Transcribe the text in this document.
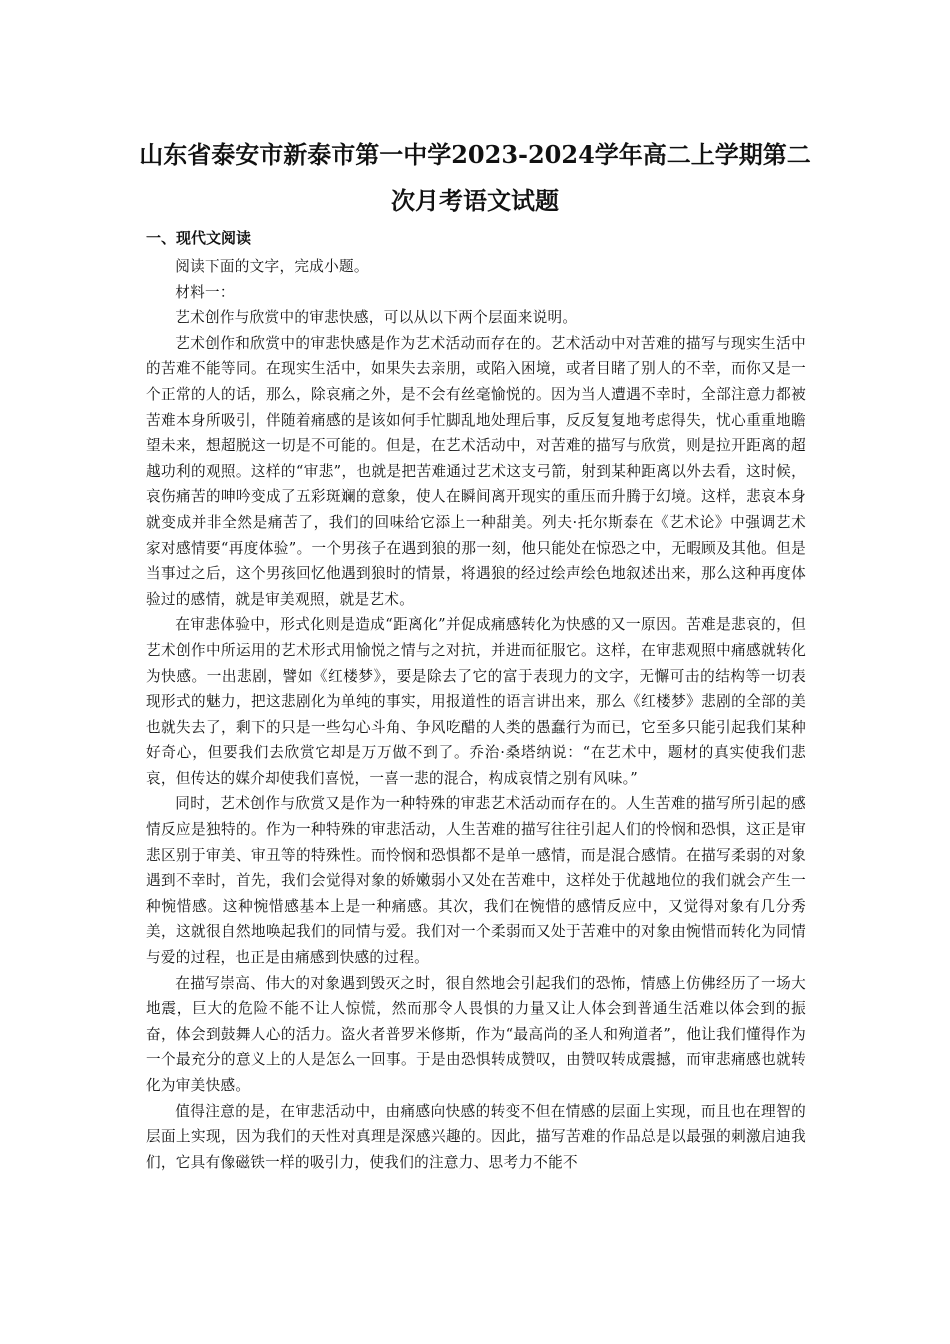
山东省泰安市新泰市第一中学2023-2024学年高二上学期第二
次月考语文试题
一、现代文阅读

阅读下面的文字，完成小题。

材料一：

艺术创作与欣赏中的审悲快感，可以从以下两个层面来说明。

艺术创作和欣赏中的审悲快感是作为艺术活动而存在的。艺术活动中对苦难的描写与现实生活中的苦难不能等同。在现实生活中，如果失去亲朋，或陷入困境，或者目睹了别人的不幸，而你又是一个正常的人的话，那么，除哀痛之外，是不会有丝毫愉悦的。因为当人遭遇不幸时，全部注意力都被苦难本身所吸引，伴随着痛感的是该如何手忙脚乱地处理后事，反反复复地考虑得失，忧心重重地瞻望未来，想超脱这一切是不可能的。但是，在艺术活动中，对苦难的描写与欣赏，则是拉开距离的超越功利的观照。这样的“审悲”，也就是把苦难通过艺术这支弓箭，射到某种距离以外去看，这时候，哀伤痛苦的呻吟变成了五彩斑斓的意象，使人在瞬间离开现实的重压而升腾于幻境。这样，悲哀本身就变成并非全然是痛苦了，我们的回味给它添上一种甜美。列夫·托尔斯泰在《艺术论》中强调艺术家对感情要“再度体验”。一个男孩子在遇到狼的那一刻，他只能处在惊恐之中，无暇顾及其他。但是当事过之后，这个男孩回忆他遇到狼时的情景，将遇狼的经过绘声绘色地叙述出来，那么这种再度体验过的感情，就是审美观照，就是艺术。

在审悲体验中，形式化则是造成“距离化”并促成痛感转化为快感的又一原因。苦难是悲哀的，但艺术创作中所运用的艺术形式用愉悦之情与之对抗，并进而征服它。这样，在审悲观照中痛感就转化为快感。一出悲剧，譬如《红楼梦》，要是除去了它的富于表现力的文字，无懈可击的结构等一切表现形式的魅力，把这悲剧化为单纯的事实，用报道性的语言讲出来，那么《红楼梦》悲剧的全部的美也就失去了，剩下的只是一些勾心斗角、争风吃醋的人类的愚蠢行为而已，它至多只能引起我们某种好奇心，但要我们去欣赏它却是万万做不到了。乔治·桑塔纳说：“在艺术中，题材的真实使我们悲哀，但传达的媒介却使我们喜悦，一喜一悲的混合，构成哀情之别有风味。”

同时，艺术创作与欣赏又是作为一种特殊的审悲艺术活动而存在的。人生苦难的描写所引起的感情反应是独特的。作为一种特殊的审悲活动，人生苦难的描写往往引起人们的怜悯和恐惧，这正是审悲区别于审美、审丑等的特殊性。而怜悯和恐惧都不是单一感情，而是混合感情。在描写柔弱的对象遇到不幸时，首先，我们会觉得对象的娇嫩弱小又处在苦难中，这样处于优越地位的我们就会产生一种惋惜感。这种惋惜感基本上是一种痛感。其次，我们在惋惜的感情反应中，又觉得对象有几分秀美，这就很自然地唤起我们的同情与爱。我们对一个柔弱而又处于苦难中的对象由惋惜而转化为同情与爱的过程，也正是由痛感到快感的过程。

在描写崇高、伟大的对象遇到毁灭之时，很自然地会引起我们的恐怖，情感上仿佛经历了一场大地震，巨大的危险不能不让人惊慌，然而那令人畏惧的力量又让人体会到普通生活难以体会到的振奋，体会到鼓舞人心的活力。盗火者普罗米修斯，作为“最高尚的圣人和殉道者”，他让我们懂得作为一个最充分的意义上的人是怎么一回事。于是由恐惧转成赞叹，由赞叹转成震撼，而审悲痛感也就转化为审美快感。

值得注意的是，在审悲活动中，由痛感向快感的转变不但在情感的层面上实现，而且也在理智的层面上实现，因为我们的天性对真理是深感兴趣的。因此，描写苦难的作品总是以最强的刺激启迪我们，它具有像磁铁一样的吸引力，使我们的注意力、思考力不能不
